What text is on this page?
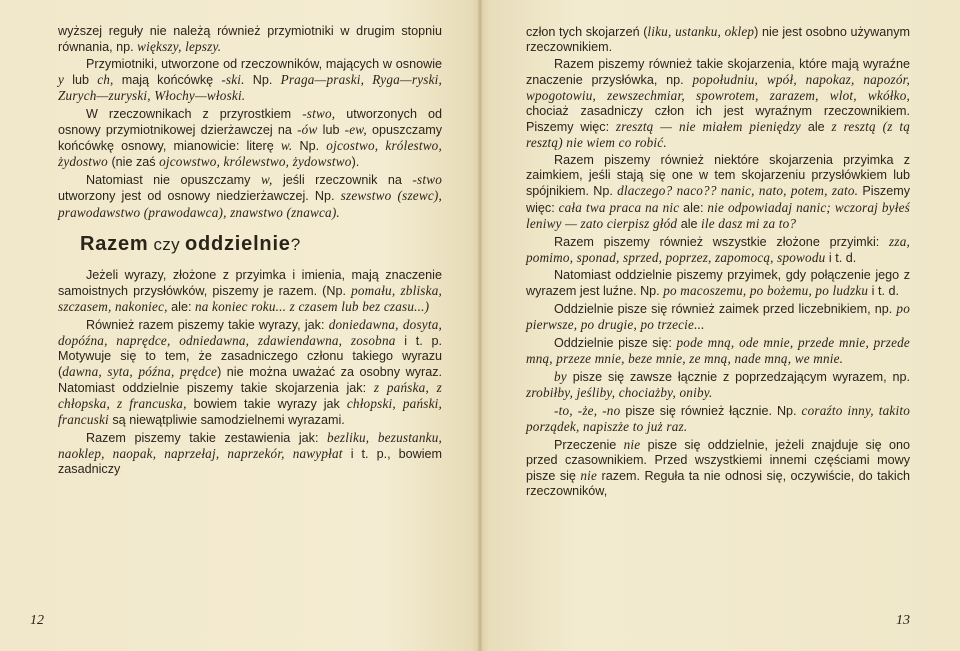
wyższej reguły nie należą również przymiotniki w drugim stopniu równania, np. większy, lepszy.

Przymiotniki, utworzone od rzeczowników, mających w osnowie y lub ch, mają końcówkę -ski. Np. Praga—praski, Ryga—ryski, Zurych—zuryski, Włochy—włoski.

W rzeczownikach z przyrostkiem -stwo, utworzonych od osnowy przymiotnikowej dzierżawczej na -ów lub -ew, opuszczamy końcówkę osnowy, mianowicie: literę w. Np. ojcostwo, królestwo, żydostwo (nie zaś ojcowstwo, królewstwo, żydowstwo).

Natomiast nie opuszczamy w, jeśli rzeczownik na -stwo utworzony jest od osnowy niedzierżawczej. Np. szewstwo (szewc), prawodawstwo (prawodawca), znawstwo (znawca).

Razem czy oddzielnie?

Jeżeli wyrazy, złożone z przyimka i imienia, mają znaczenie samoistnych przysłówków, piszemy je razem. (Np. pomału, zbliska, szczasem, nakoniec, ale: na koniec roku... z czasem lub bez czasu...)

Również razem piszemy takie wyrazy, jak: doniedawna, dosyta, dopóźna, naprędce, odniedawna, zdawiendawna, zosobna i t. p. Motywuje się to tem, że zasadniczego członu takiego wyrazu (dawna, syta, późna, prędce) nie można uważać za osobny wyraz. Natomiast oddzielnie piszemy takie skojarzenia jak: z pańska, z chłopska, z francuska, bowiem takie wyrazy jak chłopski, pański, francuski są niewątpliwie samodzielnemi wyrazami.

Razem piszemy takie zestawienia jak: bezliku, bezustanku, naoklep, naopak, naprzełaj, naprzekór, nawypłat i t. p., bowiem zasadniczy

12

człon tych skojarzeń (liku, ustanku, oklep) nie jest osobno używanym rzeczownikiem.

Razem piszemy również takie skojarzenia, które mają wyraźne znaczenie przysłówka, np. popołudniu, wpół, napokaz, napozór, wpogotowiu, zewszechmiar, spowrotem, zarazem, wlot, wkółko, chociaż zasadniczy człon ich jest wyraźnym rzeczownikiem. Piszemy więc: zresztą — nie miałem pieniędzy ale z resztą (z tą resztą) nie wiem co robić.

Razem piszemy również niektóre skojarzenia przyimka z zaimkiem, jeśli stają się one w tem skojarzeniu przysłówkiem lub spójnikiem. Np. dlaczego? naco?? nanic, nato, potem, zato. Piszemy więc: cała twa praca na nic ale: nie odpowiadaj nanic; wczoraj byłeś leniwy — zato cierpisz głód ale ile dasz mi za to?

Razem piszemy również wszystkie złożone przyimki: zza, pomimo, sponad, sprzed, poprzez, zapomocą, spowodu i t. d.

Natomiast oddzielnie piszemy przyimek, gdy połączenie jego z wyrazem jest luźne. Np. po macoszemu, po bożemu, po ludzku i t. d.

Oddzielnie pisze się również zaimek przed liczebnikiem, np. po pierwsze, po drugie, po trzecie...

Oddzielnie pisze się: pode mną, ode mnie, przede mnie, przede mną, przeze mnie, beze mnie, ze mną, nade mną, we mnie.

by pisze się zawsze łącznie z poprzedzającym wyrazem, np. zrobiłby, jeśliby, chociażby, oniby.

-to, -że, -no pisze się również łącznie. Np. coraźto inny, takito porządek, napiszże to już raz.

Przeczenie nie pisze się oddzielnie, jeżeli znajduje się ono przed czasownikiem. Przed wszystkiemi innemi częściami mowy pisze się nie razem. Reguła ta nie odnosi się, oczywiście, do takich rzeczowników,

13
